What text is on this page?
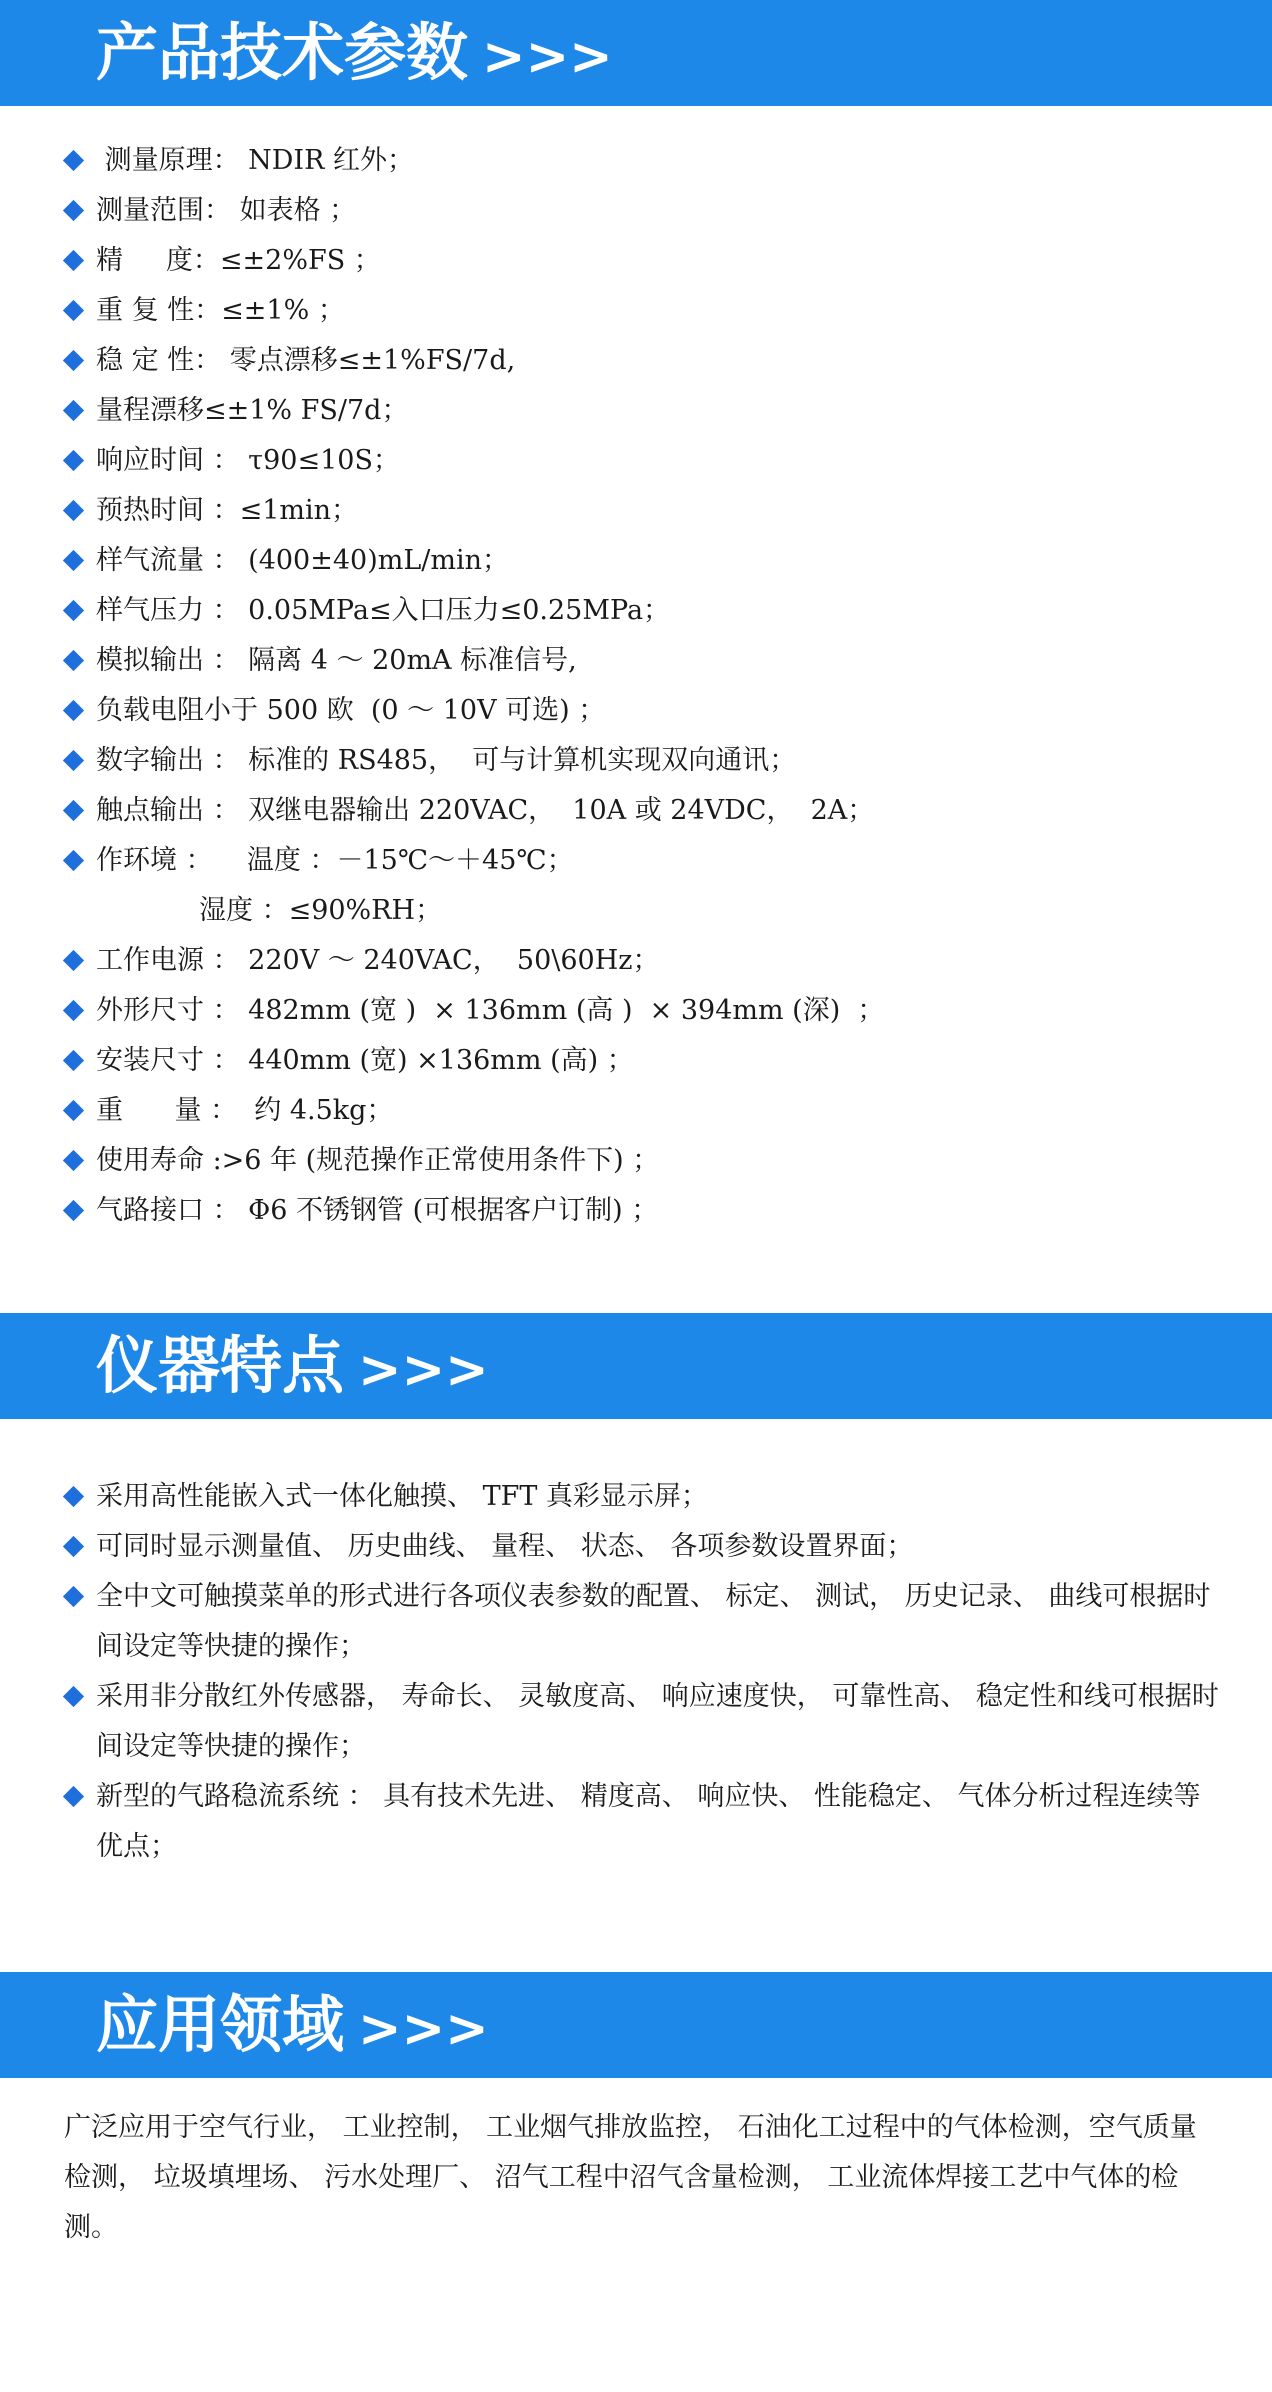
产品技术参数 >>>
测量原理： NDIR 红外；
测量范围： 如表格 ；
精     度：≤±2%FS ；
重 复 性：≤±1% ；
稳 定 性： 零点漂移≤±1%FS/7d,
量程漂移≤±1% FS/7d；
响应时间 ： τ90≤10S；
预热时间 ：≤1min；
样气流量 ： (400±40)mL/min；
样气压力 ： 0.05MPa≤入口压力≤0.25MPa；
模拟输出 ： 隔离 4 ～ 20mA 标准信号,
负载电阻小于 500 欧  (0 ～ 10V 可选) ；
数字输出 ： 标准的 RS485，  可与计算机实现双向通讯；
触点输出 ： 双继电器输出 220VAC，  10A 或 24VDC，  2A；
作环境 ：    温度 ：－15℃～＋45℃；
湿度 ：≤90%RH；
工作电源 ： 220V ～ 240VAC，  50\60Hz；
外形尺寸 ： 482mm (宽 )  × 136mm (高 )  × 394mm (深)  ；
安装尺寸 ： 440mm (宽) ×136mm (高) ；
重      量 ：  约 4.5kg；
使用寿命 :>6 年 (规范操作正常使用条件下) ；
气路接口 ： Φ6 不锈钢管 (可根据客户订制) ；
仪器特点 >>>
采用高性能嵌入式一体化触摸、 TFT 真彩显示屏；
可同时显示测量值、 历史曲线、 量程、 状态、 各项参数设置界面；
全中文可触摸菜单的形式进行各项仪表参数的配置、 标定、 测试， 历史记录、 曲线可根据时间设定等快捷的操作；
采用非分散红外传感器， 寿命长、 灵敏度高、 响应速度快， 可靠性高、 稳定性和线可根据时间设定等快捷的操作；
新型的气路稳流系统 ： 具有技术先进、 精度高、 响应快、 性能稳定、 气体分析过程连续等优点；
应用领域 >>>
广泛应用于空气行业， 工业控制， 工业烟气排放监控， 石油化工过程中的气体检测，空气质量检测， 垃圾填埋场、 污水处理厂、 沼气工程中沼气含量检测， 工业流体焊接工艺中气体的检测。
